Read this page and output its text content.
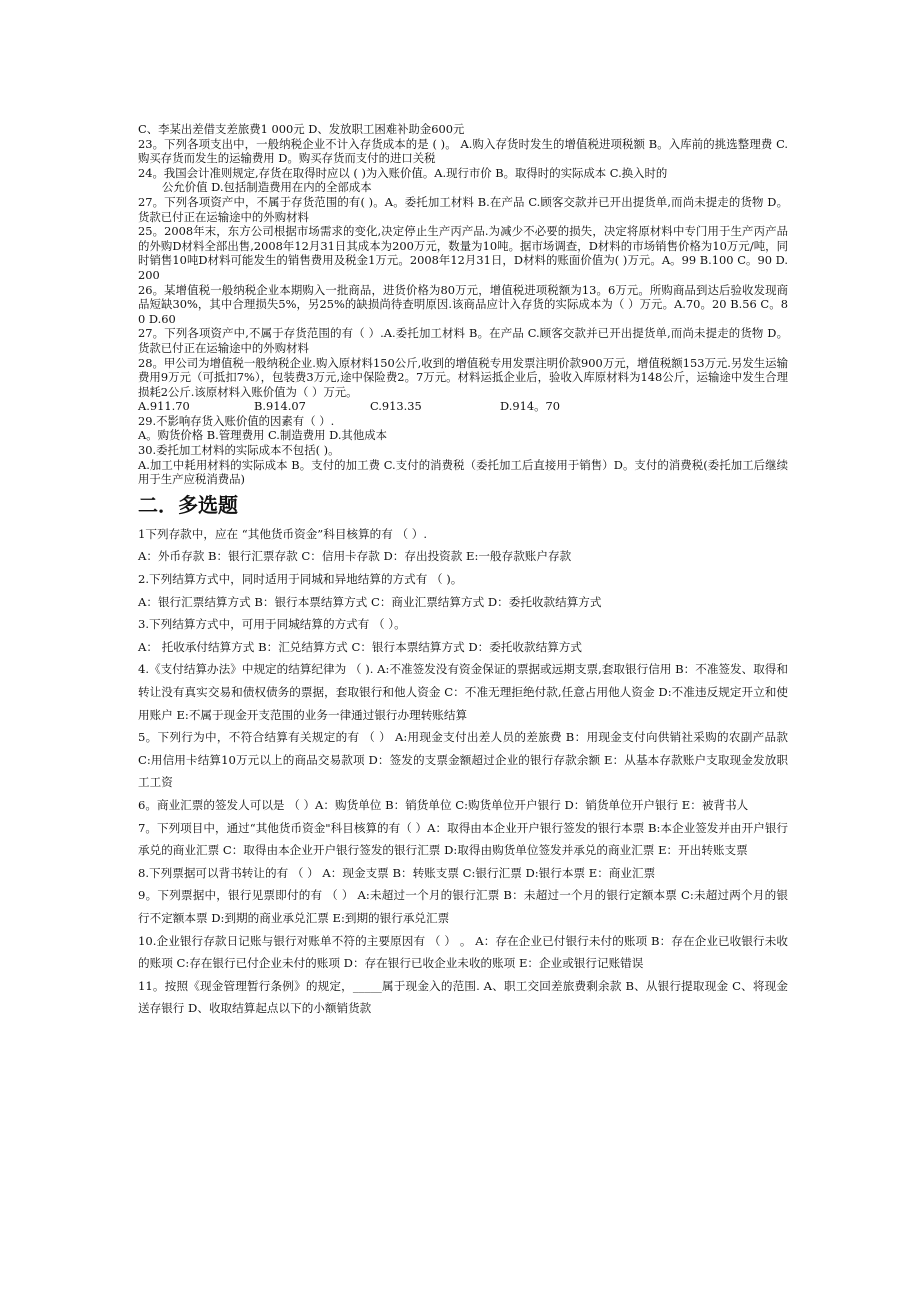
C、李某出差借支差旅费1 000元 D、发放职工困难补助金600元

23。下列各项支出中，一般纳税企业不计入存货成本的是 ( )。 A.购入存货时发生的增值税进项税额 B。入库前的挑选整理费 C.购买存货而发生的运输费用 D。购买存货而支付的进口关税

24。我国会计准则规定,存货在取得时应以 ( )为入账价值。A.现行市价 B。取得时的实际成本 C.换入时的

公允价值 D.包括制造费用在内的全部成本

27。下列各项资产中，不属于存货范围的有( )。A。委托加工材料 B.在产品 C.顾客交款并已开出提货单,而尚未提走的货物 D。货款已付正在运输途中的外购材料

25。2008年末，东方公司根据市场需求的变化,决定停止生产丙产品.为减少不必要的损失，决定将原材料中专门用于生产丙产品的外购D材料全部出售,2008年12月31日其成本为200万元，数量为10吨。据市场调查，D材料的市场销售价格为10万元/吨，同时销售10吨D材料可能发生的销售费用及税金1万元。2008年12月31日，D材料的账面价值为( )万元。A。99 B.100 C。90 D.200

26。某增值税一般纳税企业本期购入一批商品，进货价格为80万元，增值税进项税额为13。6万元。所购商品到达后验收发现商品短缺30%，其中合理损失5%，另25%的缺损尚待查明原因.该商品应计入存货的实际成本为（ ）万元。A.70。20 B.56 C。80 D.60

27。下列各项资产中,不属于存货范围的有（ ）.A.委托加工材料 B。在产品 C.顾客交款并已开出提货单,而尚未提走的货物 D。货款已付正在运输途中的外购材料

28。甲公司为增值税一般纳税企业.购入原材料150公斤,收到的增值税专用发票注明价款900万元，增值税额153万元.另发生运输费用9万元（可抵扣7%），包装费3万元,途中保险费2。7万元。材料运抵企业后，验收入库原材料为148公斤，运输途中发生合理损耗2公斤.该原材料入账价值为（ ）万元。

A.911.70	B.914.07	C.913.35	D.914。70

29.不影响存货入账价值的因素有（ ）.

A。购货价格 B.管理费用 C.制造费用 D.其他成本

30.委托加工材料的实际成本不包括( )。

A.加工中耗用材料的实际成本 B。支付的加工费 C.支付的消费税（委托加工后直接用于销售）D。支付的消费税(委托加工后继续用于生产应税消费品)

二．多选题

1下列存款中，应在 “其他货币资金”科目核算的有 （ ）.

A：外币存款 B：银行汇票存款 C：信用卡存款 D：存出投资款 E:一般存款账户存款

2.下列结算方式中，同时适用于同城和异地结算的方式有 （ )。

A：银行汇票结算方式 B：银行本票结算方式 C：商业汇票结算方式 D：委托收款结算方式

3.下列结算方式中，可用于同城结算的方式有 （ ）。

A： 托收承付结算方式 B：汇兑结算方式 C：银行本票结算方式 D：委托收款结算方式

4.《支付结算办法》中规定的结算纪律为 （ ). A:不准签发没有资金保证的票据或远期支票,套取银行信用 B：不准签发、取得和转让没有真实交易和债权债务的票据，套取银行和他人资金 C：不准无理拒绝付款,任意占用他人资金 D:不准违反规定开立和使用账户 E:不属于现金开支范围的业务一律通过银行办理转账结算

5。下列行为中，不符合结算有关规定的有 （ ） A:用现金支付出差人员的差旅费 B：用现金支付向供销社采购的农副产品款 C:用信用卡结算10万元以上的商品交易款项 D：签发的支票金额超过企业的银行存款余额 E：从基本存款账户支取现金发放职工工资

6。商业汇票的签发人可以是 （ ）A：购货单位 B：销货单位 C:购货单位开户银行 D：销货单位开户银行 E：被背书人

7。下列项目中，通过“其他货币资金"科目核算的有（ ）A：取得由本企业开户银行签发的银行本票 B:本企业签发并由开户银行承兑的商业汇票 C：取得由本企业开户银行签发的银行汇票 D:取得由购货单位签发并承兑的商业汇票 E：开出转账支票

8.下列票据可以背书转让的有 （ ） A：现金支票 B：转账支票 C:银行汇票 D:银行本票 E：商业汇票

9。下列票据中，银行见票即付的有 （ ） A:未超过一个月的银行汇票 B：未超过一个月的银行定额本票 C:未超过两个月的银行不定额本票 D:到期的商业承兑汇票 E:到期的银行承兑汇票

10.企业银行存款日记账与银行对账单不符的主要原因有 （ ） 。 A：存在企业已付银行未付的账项 B：存在企业已收银行未收的账项 C:存在银行已付企业未付的账项 D：存在银行已收企业未收的账项 E：企业或银行记账错误

11。按照《现金管理暂行条例》的规定，_____属于现金入的范围. A、职工交回差旅费剩余款 B、从银行提取现金 C、将现金送存银行 D、收取结算起点以下的小额销货款
